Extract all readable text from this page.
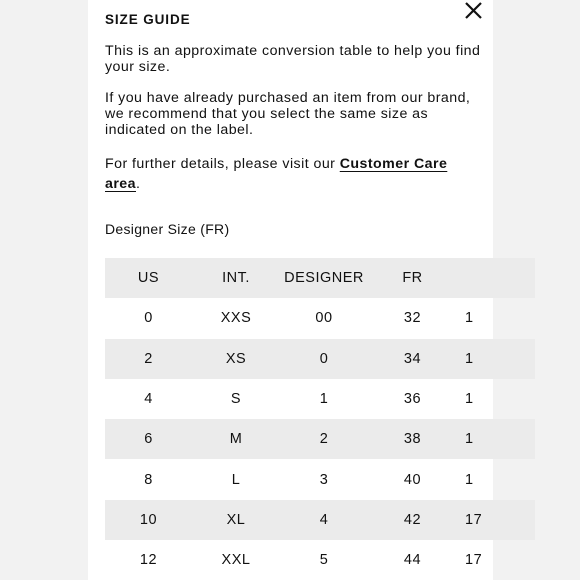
SIZE GUIDE

This is an approximate conversion table to help you find your size.

If you have already purchased an item from our brand, we recommend that you select the same size as indicated on the label.

For further details, please visit our Customer Care area.

Designer Size (FR)
US	INT.	DESIGNER	FR	
0	XXS	00	32	1
2	XS	0	34	1
4	S	1	36	1
6	M	2	38	1
8	L	3	40	1
10	XL	4	42	17
12	XXL	5	44	17
